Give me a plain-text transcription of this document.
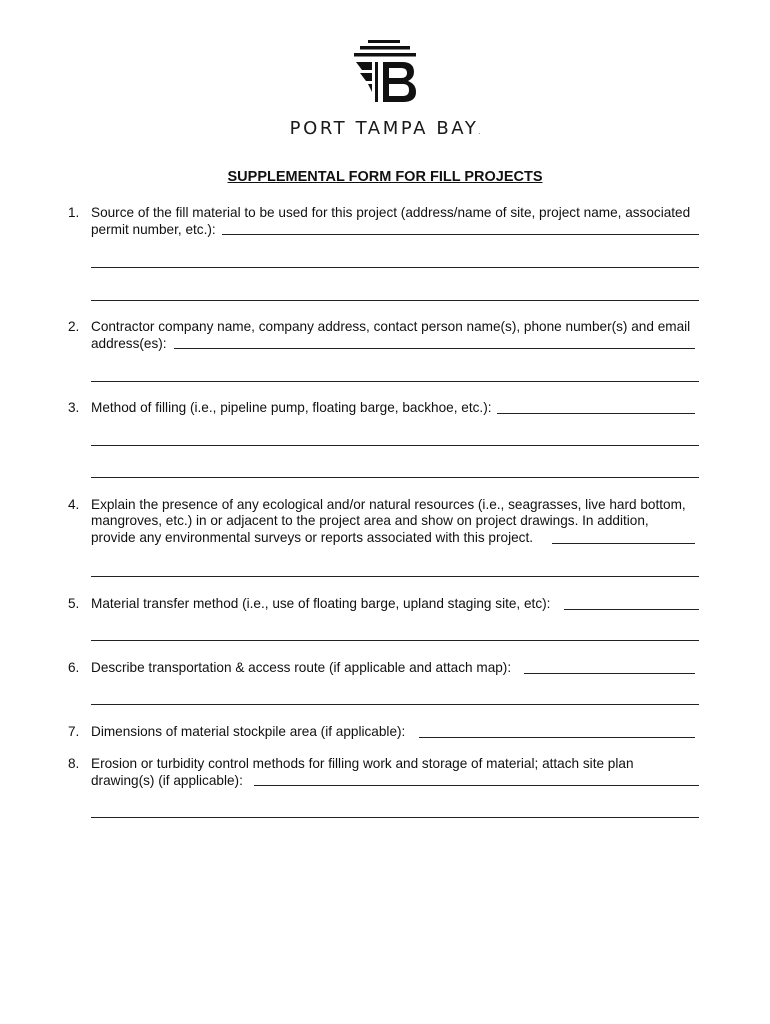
PORT TAMPA BAY.
SUPPLEMENTAL FORM FOR FILL PROJECTS
1. Source of the fill material to be used for this project (address/name of site, project name, associated
permit number, etc.):
2. Contractor company name, company address, contact person name(s), phone number(s) and email
address(es):
3. Method of filling (i.e., pipeline pump, floating barge, backhoe, etc.):
4. Explain the presence of any ecological and/or natural resources (i.e., seagrasses, live hard bottom,
mangroves, etc.) in or adjacent to the project area and show on project drawings. In addition,
provide any environmental surveys or reports associated with this project.
5. Material transfer method (i.e., use of floating barge, upland staging site, etc):
6. Describe transportation & access route (if applicable and attach map):
7. Dimensions of material stockpile area (if applicable):
8. Erosion or turbidity control methods for filling work and storage of material; attach site plan
drawing(s) (if applicable):
